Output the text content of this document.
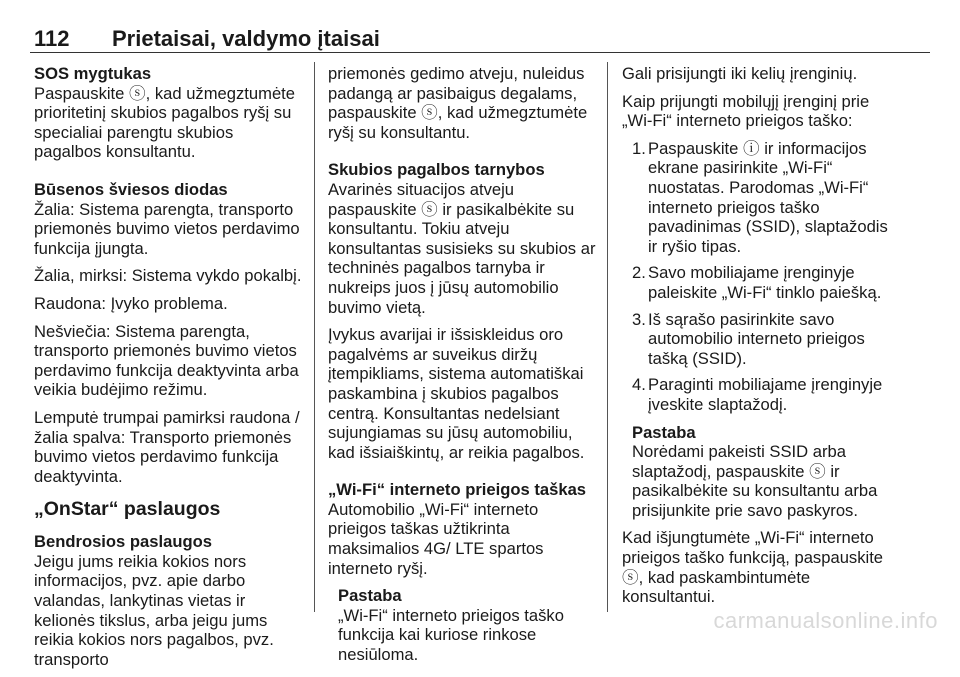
112 Prietaisai, valdymo įtaisai
SOS mygtukas

Paspauskite ⓢ, kad užmegztumėte prioritetinį skubios pagalbos ryšį su specialiai parengtu skubios pagalbos konsultantu.

Būsenos šviesos diodas

Žalia: Sistema parengta, transporto priemonės buvimo vietos perdavimo funkcija įjungta.

Žalia, mirksi: Sistema vykdo pokalbį.

Raudona: Įvyko problema.

Nešviečia: Sistema parengta, transporto priemonės buvimo vietos perdavimo funkcija deaktyvinta arba veikia budėjimo režimu.

Lemputė trumpai pamirksi raudona / žalia spalva: Transporto priemonės buvimo vietos perdavimo funkcija deaktyvinta.

„OnStar“ paslaugos
Bendrosios paslaugos

Jeigu jums reikia kokios nors informacijos, pvz. apie darbo valandas, lankytinas vietas ir kelionės tikslus, arba jeigu jums reikia kokios nors pagalbos, pvz. transporto

priemonės gedimo atveju, nuleidus padangą ar pasibaigus degalams, paspauskite ⓢ, kad užmegztumėte ryšį su konsultantu.

Skubios pagalbos tarnybos

Avarinės situacijos atveju paspauskite ⓢ ir pasikalbėkite su konsultantu. Tokiu atveju konsultantas susisieks su skubios ar techninės pagalbos tarnyba ir nukreips juos į jūsų automobilio buvimo vietą.

Įvykus avarijai ir išsiskleidus oro pagalvėms ar suveikus diržų įtempikliams, sistema automatiškai paskambina į skubios pagalbos centrą. Konsultantas nedelsiant sujungiamas su jūsų automobiliu, kad išsiaiškintų, ar reikia pagalbos.

„Wi-Fi“ interneto prieigos taškas

Automobilio „Wi-Fi“ interneto prieigos taškas užtikrinta maksimalios 4G/ LTE spartos interneto ryšį.

Pastaba
„Wi-Fi“ interneto prieigos taško funkcija kai kuriose rinkose nesiūloma.

Gali prisijungti iki kelių įrenginių.

Kaip prijungti mobilųjį įrenginį prie „Wi-Fi“ interneto prieigos taško:

1. Paspauskite ⓘ ir informacijos ekrane pasirinkite „Wi-Fi“ nuostatas. Parodomas „Wi-Fi“ interneto prieigos taško pavadinimas (SSID), slaptažodis ir ryšio tipas.
2. Savo mobiliajame įrenginyje paleiskite „Wi-Fi“ tinklo paiešką.
3. Iš sąrašo pasirinkite savo automobilio interneto prieigos tašką (SSID).
4. Paraginti mobiliajame įrenginyje įveskite slaptažodį.
Pastaba
Norėdami pakeisti SSID arba slaptažodį, paspauskite ⓢ ir pasikalbėkite su konsultantu arba prisijunkite prie savo paskyros.

Kad išjungtumėte „Wi-Fi“ interneto prieigos taško funkciją, paspauskite ⓢ, kad paskambintumėte konsultantui.

carmanualsonline.info
